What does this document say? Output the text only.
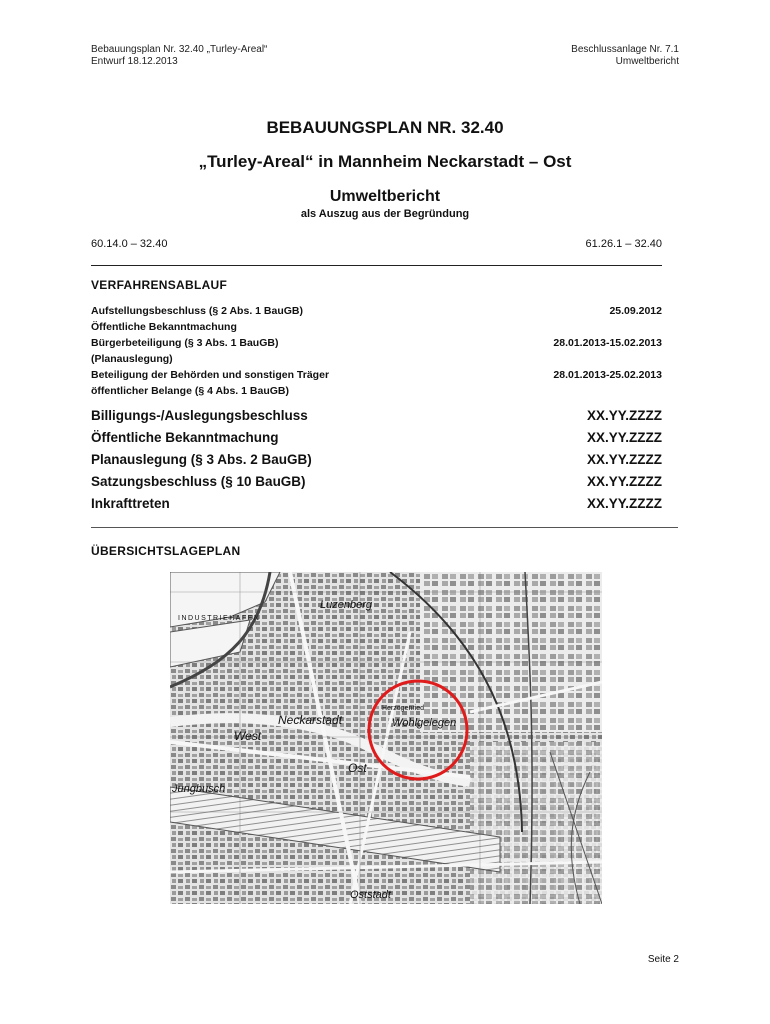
Bebauungsplan Nr. 32.40 „Turley-Areal“
Entwurf 18.12.2013
Beschlussanlage Nr. 7.1
Umweltbericht
BEBAUUNGSPLAN NR. 32.40
„Turley-Areal“ in Mannheim Neckarstadt – Ost
Umweltbericht
als Auszug aus der Begründung
60.14.0 – 32.40	61.26.1 – 32.40
VERFAHRENSABLAUF
Aufstellungsbeschluss (§ 2 Abs. 1 BauGB)	25.09.2012
Öffentliche Bekanntmachung
Bürgerbeteiligung (§ 3 Abs. 1 BauGB)	28.01.2013-15.02.2013
(Planauslegung)
Beteiligung der Behörden und sonstigen Träger	28.01.2013-25.02.2013
öffentlicher Belange (§ 4 Abs. 1 BauGB)
Billigungs-/Auslegungsbeschluss	XX.YY.ZZZZ
Öffentliche Bekanntmachung	XX.YY.ZZZZ
Planauslegung (§ 3 Abs. 2 BauGB)	XX.YY.ZZZZ
Satzungsbeschluss (§ 10 BauGB)	XX.YY.ZZZZ
Inkrafttreten	XX.YY.ZZZZ
ÜBERSICHTSLAGEPLAN
Luzenberg
INDUSTRIEHAFEN
Herzogenried
Neckarstadt
West
Ost
Wohlgelegen
Jungbusch
Oststadt
Seite 2
